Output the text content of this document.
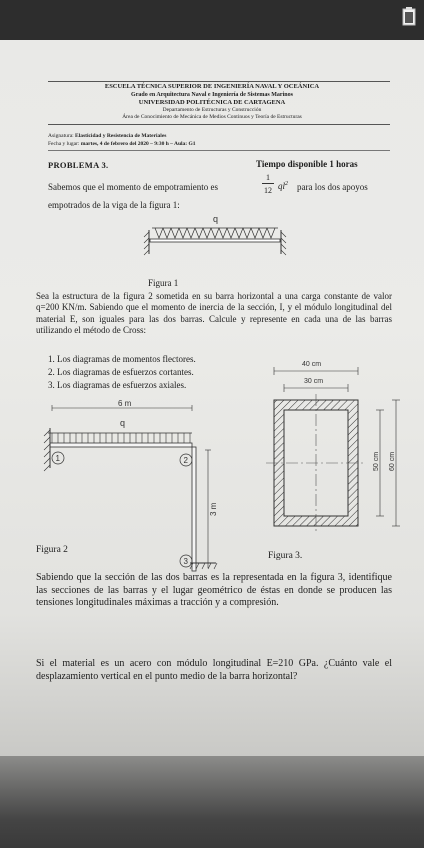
ESCUELA TÉCNICA SUPERIOR DE INGENIERÍA NAVAL Y OCEÁNICA
Grado en Arquitectura Naval e Ingeniería de Sistemas Marinos
UNIVERSIDAD POLITÉCNICA DE CARTAGENA
Departamento de Estructuras y Construcción
Área de Conocimiento de Mecánica de Medios Continuos y Teoría de Estructuras
Asignatura: Elasticidad y Resistencia de Materiales
Fecha y lugar: martes, 4 de febrero del 2020 – 9:30 h – Aula: G1
PROBLEMA 3.	Tiempo disponible 1 horas
Sabemos que el momento de empotramiento es
1
12 $ql^2$ para los dos apoyos
empotrados de la viga de la figura 1:
q
Figura 1
Sea la estructura de la figura 2 sometida en su barra horizontal a una carga constante de valor q=200 KN/m. Sabiendo que el momento de inercia de la sección, I, y el módulo longitudinal del material E, son iguales para las dos barras. Calcule y represente en cada una de las barras utilizando el método de Cross:
1. Los diagramas de momentos flectores.
2. Los diagramas de esfuerzos cortantes.
3. Los diagramas de esfuerzos axiales.
6 m
q
1	2
3 m
3
Figura 2
40 cm
30 cm
50 cm 60 cm
Figura 3.
Sabiendo que la sección de las dos barras es la representada en la figura 3, identifique las secciones de las barras y el lugar geométrico de éstas en donde se producen las tensiones longitudinales máximas a tracción y a compresión.
Si el material es un acero con módulo longitudinal E=210 GPa. ¿Cuánto vale el desplazamiento vertical en el punto medio de la barra horizontal?
